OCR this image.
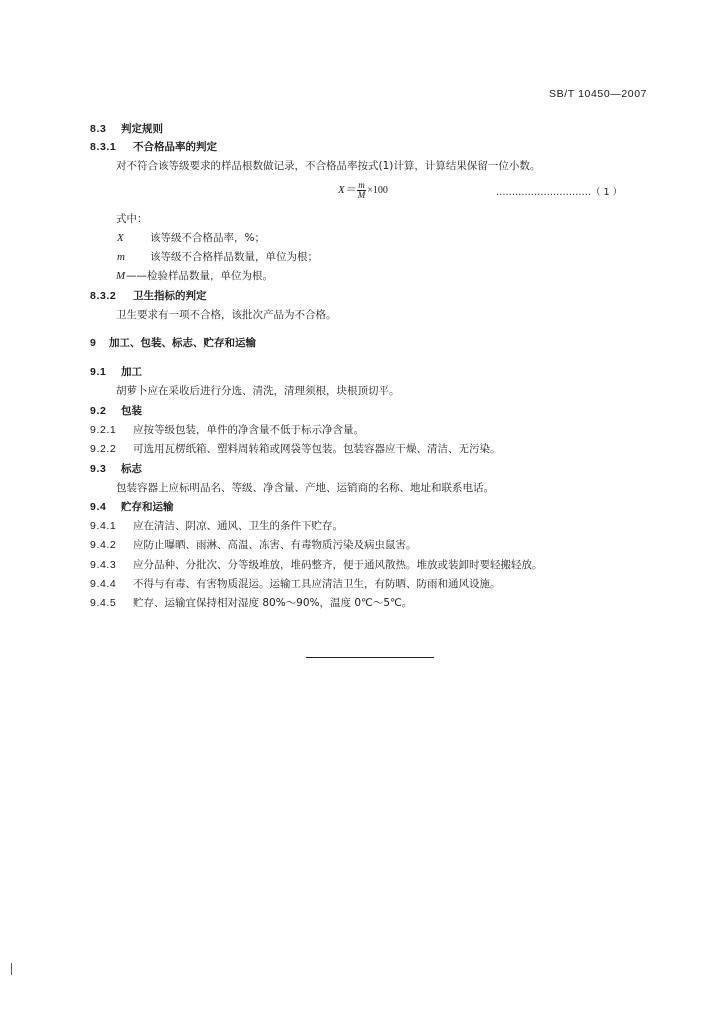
SB/T 10450—2007
8.3 判定规则
8.3.1 不合格品率的判定
对不符合该等级要求的样品根数做记录，不合格品率按式(1)计算，计算结果保留一位小数。
$X= \frac{m}{M} \times 100$	…………………………（ 1 ）
式中：
X	该等级不合格品率，%；
m 该等级不合格样品数量，单位为根；
M ——检验样品数量，单位为根。
8.3.2 卫生指标的判定
卫生要求有一项不合格，该批次产品为不合格。
9 加工、包装、标志、贮存和运输
9.1 加工
胡萝卜应在采收后进行分选、清洗，清理须根，块根顶切平。
9.2 包装
9.2.1 应按等级包装，单件的净含量不低于标示净含量。
9.2.2 可选用瓦楞纸箱、塑料周转箱或网袋等包装。包装容器应干燥、清洁、无污染。
9.3 标志
包装容器上应标明品名、等级、净含量、产地、运销商的名称、地址和联系电话。
9.4 贮存和运输
9.4.1 应在清洁、阴凉、通风、卫生的条件下贮存。
9.4.2 应防止曝晒、雨淋、高温、冻害、有毒物质污染及病虫鼠害。
9.4.3 应分品种、分批次、分等级堆放，堆码整齐，便于通风散热。堆放或装卸时要轻搬轻放。
9.4.4 不得与有毒、有害物质混运。运输工具应清洁卫生，有防晒、防雨和通风设施。
9.4.5 贮存、运输宜保持相对湿度 80%～90%，温度 0℃～5℃。
